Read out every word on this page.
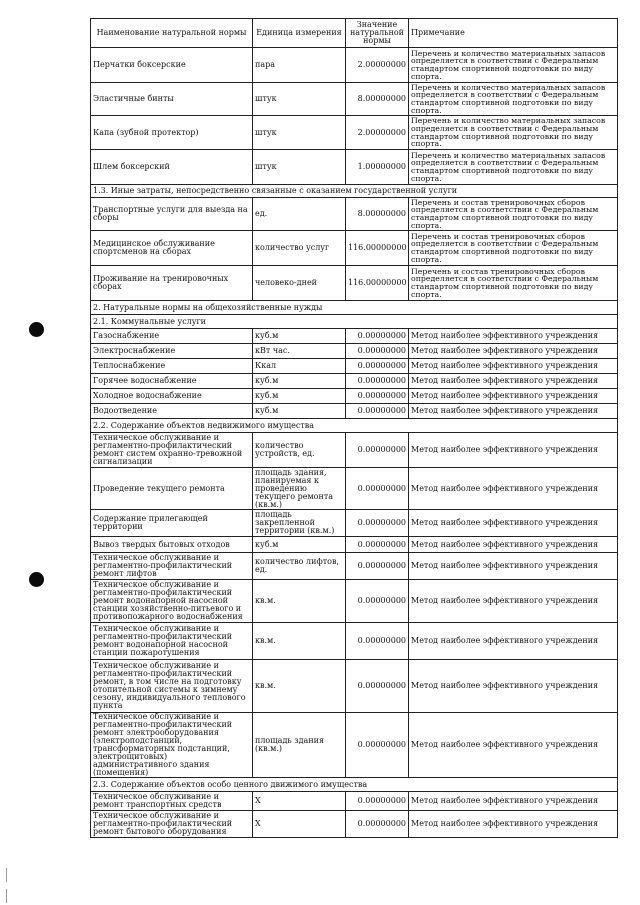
Наименование натуральной нормы	Единица измерения	Значение натуральной нормы	Примечание
Перчатки боксерские	пара	2.00000000	Перечень и количество материальных запасов определяется в соответствии с Федеральным стандартом спортивной подготовки по виду спорта.
Эластичные бинты	штук	8.00000000	Перечень и количество материальных запасов определяется в соответствии с Федеральным стандартом спортивной подготовки по виду спорта.
Капа (зубной протектор)	штук	2.00000000	Перечень и количество материальных запасов определяется в соответствии с Федеральным стандартом спортивной подготовки по виду спорта.
Шлем боксерский	штук	1.00000000	Перечень и количество материальных запасов определяется в соответствии с Федеральным стандартом спортивной подготовки по виду спорта.
1.3. Иные затраты, непосредственно связанные с оказанием государственной услуги			
Транспортные услуги для выезда на сборы	ед.	8.00000000	Перечень и состав тренировочных сборов определяется в соответствии с Федеральным стандартом спортивной подготовки по виду спорта.
Медицинское обслуживание спортсменов на сборах	количество услуг	116.00000000	Перечень и состав тренировочных сборов определяется в соответствии с Федеральным стандартом спортивной подготовки по виду спорта.
Проживание на тренировочных сборах	человеко-дней	116.00000000	Перечень и состав тренировочных сборов определяется в соответствии с Федеральным стандартом спортивной подготовки по виду спорта.
2. Натуральные нормы на общехозяйственные нужды			
2.1. Коммунальные услуги			
Газоснабжение	куб.м	0.00000000	Метод наиболее эффективного учреждения
Электроснабжение	кВт час.	0.00000000	Метод наиболее эффективного учреждения
Теплоснабжение	Ккал	0.00000000	Метод наиболее эффективного учреждения
Горячее водоснабжение	куб.м	0.00000000	Метод наиболее эффективного учреждения
Холодное водоснабжение	куб.м	0.00000000	Метод наиболее эффективного учреждения
Водоотведение	куб.м	0.00000000	Метод наиболее эффективного учреждения
2.2. Содержание объектов недвижимого имущества			
Техническое обслуживание и регламентно-профилактический ремонт систем охранно-тревожной сигнализации	количество устройств, ед.	0.00000000	Метод наиболее эффективного учреждения
Проведение текущего ремонта	площадь здания, планируемая к проведению текущего ремонта (кв.м.)	0.00000000	Метод наиболее эффективного учреждения
Содержание прилегающей территории	площадь закрепленной территории (кв.м.)	0.00000000	Метод наиболее эффективного учреждения
Вывоз твердых бытовых отходов	куб.м	0.00000000	Метод наиболее эффективного учреждения
Техническое обслуживание и регламентно-профилактический ремонт лифтов	количество лифтов, ед.	0.00000000	Метод наиболее эффективного учреждения
Техническое обслуживание и регламентно-профилактический ремонт водонапорной насосной станции хозяйственно-питьевого и противопожарного водоснабжения	кв.м.	0.00000000	Метод наиболее эффективного учреждения
Техническое обслуживание и регламентно-профилактический ремонт водонапорной насосной станции пожаротушения	кв.м.	0.00000000	Метод наиболее эффективного учреждения
Техническое обслуживание и регламентно-профилактический ремонт, в том числе на подготовку отопительной системы к зимнему сезону, индивидуального теплового пункта	кв.м.	0.00000000	Метод наиболее эффективного учреждения
Техническое обслуживание и регламентно-профилактический ремонт электрооборудования (электроподстанций, трансформаторных подстанций, электрощитовых) административного здания (помещения)	площадь здания (кв.м.)	0.00000000	Метод наиболее эффективного учреждения
2.3. Содержание объектов особо ценного движимого имущества			
Техническое обслуживание и ремонт транспортных средств	Х	0.00000000	Метод наиболее эффективного учреждения
Техническое обслуживание и регламентно-профилактический ремонт бытового оборудования	Х	0.00000000	Метод наиболее эффективного учреждения
